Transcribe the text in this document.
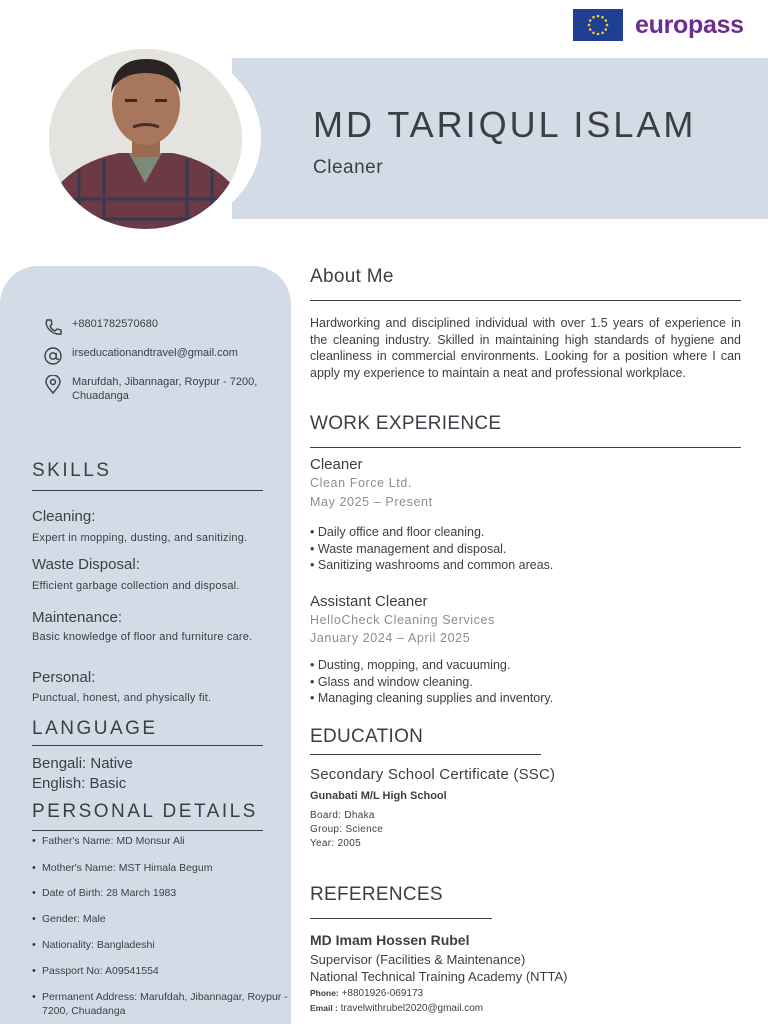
europass
MD TARIQUL ISLAM
Cleaner
+8801782570680
irseducationandtravel@gmail.com
Marufdah, Jibannagar, Roypur - 7200, Chuadanga
SKILLS
Cleaning:
Expert in mopping, dusting, and sanitizing.
Waste Disposal:
Efficient garbage collection and disposal.
Maintenance:
Basic knowledge of floor and furniture care.
Personal:
Punctual, honest, and physically fit.
LANGUAGE
Bengali: Native
English: Basic
PERSONAL DETAILS
• Father's Name: MD Monsur Ali
• Mother's Name: MST Himala Begum
• Date of Birth: 28 March 1983
• Gender: Male
• Nationality: Bangladeshi
• Passport No: A09541554
• Permanent Address: Marufdah, Jibannagar, Roypur - 7200, Chuadanga
About Me
Hardworking and disciplined individual with over 1.5 years of experience in the cleaning industry. Skilled in maintaining high standards of hygiene and cleanliness in commercial environments. Looking for a position where I can apply my experience to maintain a neat and professional workplace.
WORK EXPERIENCE
Cleaner
Clean Force Ltd.
May 2025 – Present
• Daily office and floor cleaning.
• Waste management and disposal.
• Sanitizing washrooms and common areas.
Assistant Cleaner
HelloCheck Cleaning Services
January 2024 – April 2025
• Dusting, mopping, and vacuuming.
• Glass and window cleaning.
• Managing cleaning supplies and inventory.
EDUCATION
Secondary School Certificate (SSC)
Gunabati M/L High School
Board: Dhaka
Group: Science
Year: 2005
REFERENCES
MD Imam Hossen Rubel
Supervisor (Facilities & Maintenance)
National Technical Training Academy (NTTA)
Phone: +8801926-069173
Email : travelwithrubel2020@gmail.com
